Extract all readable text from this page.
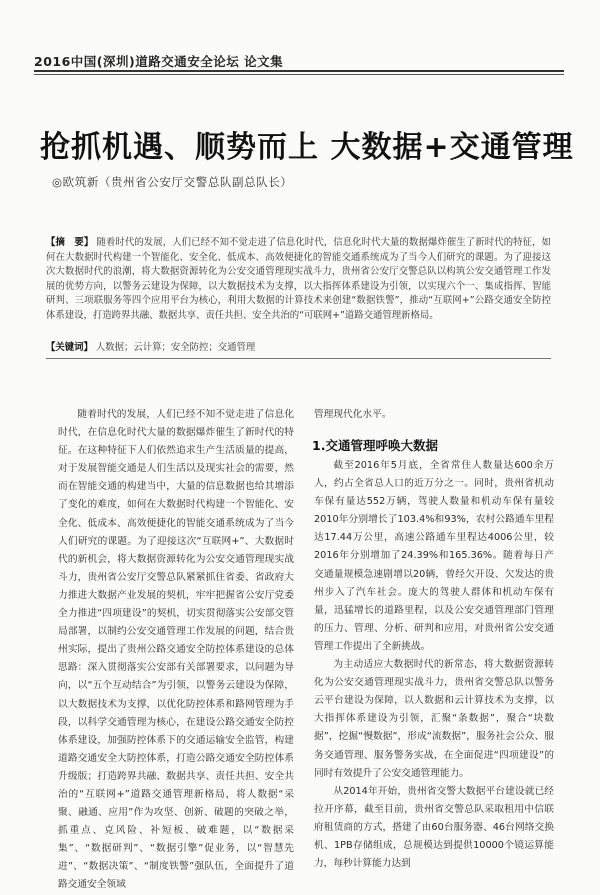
2016中国(深圳)道路交通安全论坛 论文集
抢抓机遇、顺势而上 大数据+交通管理
◎欧筑新（贵州省公安厅交警总队副总队长）
【摘　要】 随着时代的发展，人们已经不知不觉走进了信息化时代，信息化时代大量的数据爆炸催生了新时代的特征，如何在大数据时代构建一个智能化、安全化、低成本、高效便捷化的智能交通系统成为了当今人们研究的课题。为了迎接这次大数据时代的浪潮，将大数据资源转化为公安交通管理现实战斗力，贵州省公安厅交警总队以构筑公安交通管理工作发展的优势方向，以警务云建设为保障，以大数据技术为支撑，以大指挥体系建设为引领，以实现六个一、集成指挥、智能研判、三项联服务等四个应用平台为核心，利用大数据的计算技术来创建“数据铁警”，推动“互联网+”公路交通安全防控体系建设，打造跨界共融、数据共享、责任共担、安全共治的“可联网+”道路交通管理新格局。
【关键词】 人数据；云计算；安全防控；交通管理

随着时代的发展，人们已经不知不觉走进了信息化时代，在信息化时代大量的数据爆炸催生了新时代的特征。在这种特征下人们依然追求生产生活质量的提高，对于发展智能交通是人们生活以及现实社会的需要，然而在智能交通的构建当中，大量的信息数据也给其增添了变化的难度，如何在大数据时代构建一个智能化、安全化、低成本、高效便捷化的智能交通系统成为了当今人们研究的课题。为了迎接这次“互联网+”、大数据时代的新机会，将大数据资源转化为公安交通管理现实战斗力，贵州省公安厅交警总队紧紧抓住省委、省政府大力推进大数据产业发展的契机，牢牢把握省公安厅党委全力推进“四项建设”的契机，切实贯彻落实公安部交管局部署，以制约公安交通管理工作发展的问题，结合贵州实际，提出了贵州公路交通安全防控体系建设的总体思路：深入贯彻落实公安部有关部署要求，以问题为导向，以“五个互动结合”为引领，以警务云建设为保障，以大数据技术为支撑，以优化防控体系和路网管理为手段，以科学交通管理为核心，在建设公路交通安全防控体系建设，加强防控体系下的交通运输安全监管，构建道路交通安全大防控体系，打造公路交通安全防控体系升级版；打造跨界共融、数据共享、责任共担、安全共治的“互联网+”道路交通管理新格局，将人数据“采聚、融通、应用”作为攻坚、创新、破题的突破之举，抓重点、克风险、补短板、破难题，以“数据采集”、“数据研判”、“数据引擎”促业务，以“智慧先进”、“数据决策”、“制度铁警”强队伍，全面提升了道路交通安全领域

管理现代化水平。
1.交通管理呼唤大数据

截至2016年5月底，全省常住人数量达600余万人，约占全省总人口的近万分之一。同时，贵州省机动车保有量达552万辆，驾驶人数量和机动车保有量较2010年分别增长了103.4%和93%，农村公路通车里程达17.44万公里，高速公路通车里程达4006公里，较2016年分别增加了24.39%和165.36%。随着每日产交通量规模急速剧增以20辆，曾经欠开设、欠发达的贵州步入了汽车社会。庞大的驾驶人群体和机动车保有量，迅猛增长的道路里程，以及公安交通管理部门管理的压力、管理、分析、研判和应用，对贵州省公安交通管理工作提出了全新挑战。

为主动适应大数据时代的新常态，将大数据资源转化为公安交通管理现实战斗力，贵州省交警总队以警务云平台建设为保障，以人数据和云计算技术为支撑，以大指挥体系建设为引领，汇聚“条数据”，聚合“块数据”，挖掘“慢数据”，形成“流数据”，服务社会公众、服务交通管理、服务警务实战，在全面促进“四项建设”的同时有效提升了公安交通管理能力。

从2014年开始，贵州省交警大数据平台建设就已经拉开序幕，截至目前，贵州省交警总队采取租用中信联府租赁商的方式，搭建了由60台服务器、46台网络交换机、1PB存储组成，总规模达到提供10000个镜运算能力，每秒计算能力达到
